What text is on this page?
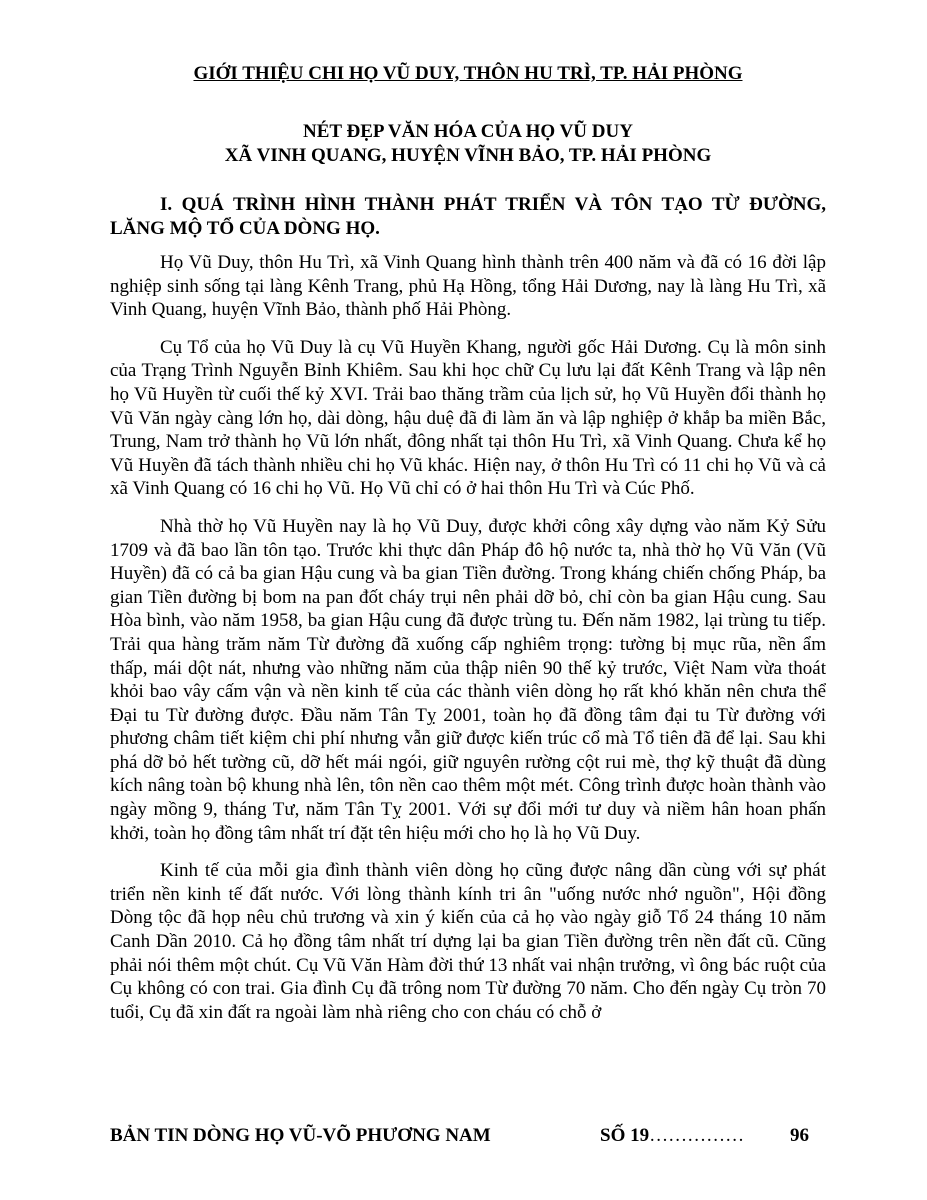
GIỚI THIỆU CHI HỌ VŨ DUY, THÔN HU TRÌ, TP. HẢI PHÒNG
NÉT ĐẸP VĂN HÓA CỦA HỌ VŨ DUY
XÃ VINH QUANG, HUYỆN VĨNH BẢO, TP. HẢI PHÒNG
I. QUÁ TRÌNH HÌNH THÀNH PHÁT TRIỂN VÀ TÔN TẠO TỪ ĐƯỜNG, LĂNG MỘ TỔ CỦA DÒNG HỌ.

Họ Vũ Duy, thôn Hu Trì, xã Vinh Quang hình thành trên 400 năm và đã có 16 đời lập nghiệp sinh sống tại làng Kênh Trang, phủ Hạ Hồng, tổng Hải Dương, nay là làng Hu Trì, xã Vinh Quang, huyện Vĩnh Bảo, thành phố Hải Phòng.

Cụ Tổ của họ Vũ Duy là cụ Vũ Huyền Khang, người gốc Hải Dương. Cụ là môn sinh của Trạng Trình Nguyễn Bỉnh Khiêm. Sau khi học chữ Cụ lưu lại đất Kênh Trang và lập nên họ Vũ Huyền từ cuối thế kỷ XVI. Trải bao thăng trầm của lịch sử, họ Vũ Huyền đổi thành họ Vũ Văn ngày càng lớn họ, dài dòng, hậu duệ đã đi làm ăn và lập nghiệp ở khắp ba miền Bắc, Trung, Nam trở thành họ Vũ lớn nhất, đông nhất tại thôn Hu Trì, xã Vinh Quang. Chưa kể họ Vũ Huyền đã tách thành nhiều chi họ Vũ khác. Hiện nay, ở thôn Hu Trì có 11 chi họ Vũ và cả xã Vinh Quang có 16 chi họ Vũ. Họ Vũ chỉ có ở hai thôn Hu Trì và Cúc Phố.

Nhà thờ họ Vũ Huyền nay là họ Vũ Duy, được khởi công xây dựng vào năm Kỷ Sửu 1709 và đã bao lần tôn tạo. Trước khi thực dân Pháp đô hộ nước ta, nhà thờ họ Vũ Văn (Vũ Huyền) đã có cả ba gian Hậu cung và ba gian Tiền đường. Trong kháng chiến chống Pháp, ba gian Tiền đường bị bom na pan đốt cháy trụi nên phải dỡ bỏ, chỉ còn ba gian Hậu cung. Sau Hòa bình, vào năm 1958, ba gian Hậu cung đã được trùng tu. Đến năm 1982, lại trùng tu tiếp. Trải qua hàng trăm năm Từ đường đã xuống cấp nghiêm trọng: tường bị mục rũa, nền ẩm thấp, mái dột nát, nhưng vào những năm của thập niên 90 thế kỷ trước, Việt Nam vừa thoát khỏi bao vây cấm vận và nền kinh tế của các thành viên dòng họ rất khó khăn nên chưa thể Đại tu Từ đường được. Đầu năm Tân Tỵ 2001, toàn họ đã đồng tâm đại tu Từ đường với phương châm tiết kiệm chi phí nhưng vẫn giữ được kiến trúc cổ mà Tổ tiên đã để lại. Sau khi phá dỡ bỏ hết tường cũ, dỡ hết mái ngói, giữ nguyên rường cột rui mè, thợ kỹ thuật đã dùng kích nâng toàn bộ khung nhà lên, tôn nền cao thêm một mét. Công trình được hoàn thành vào ngày mồng 9, tháng Tư, năm Tân Tỵ 2001. Với sự đổi mới tư duy và niềm hân hoan phấn khởi, toàn họ đồng tâm nhất trí đặt tên hiệu mới cho họ là họ Vũ Duy.

Kinh tế của mỗi gia đình thành viên dòng họ cũng được nâng dần cùng với sự phát triển nền kinh tế đất nước. Với lòng thành kính tri ân "uống nước nhớ nguồn", Hội đồng Dòng tộc đã họp nêu chủ trương và xin ý kiến của cả họ vào ngày giỗ Tổ 24 tháng 10 năm Canh Dần 2010. Cả họ đồng tâm nhất trí dựng lại ba gian Tiền đường trên nền đất cũ. Cũng phải nói thêm một chút. Cụ Vũ Văn Hàm đời thứ 13 nhất vai nhận trưởng, vì ông bác ruột của Cụ không có con trai. Gia đình Cụ đã trông nom Từ đường 70 năm. Cho đến ngày Cụ tròn 70 tuổi, Cụ đã xin đất ra ngoài làm nhà riêng cho con cháu có chỗ ở

BẢN TIN DÒNG HỌ VŨ-VÕ PHƯƠNG NAM	SỐ 19…………… 96
